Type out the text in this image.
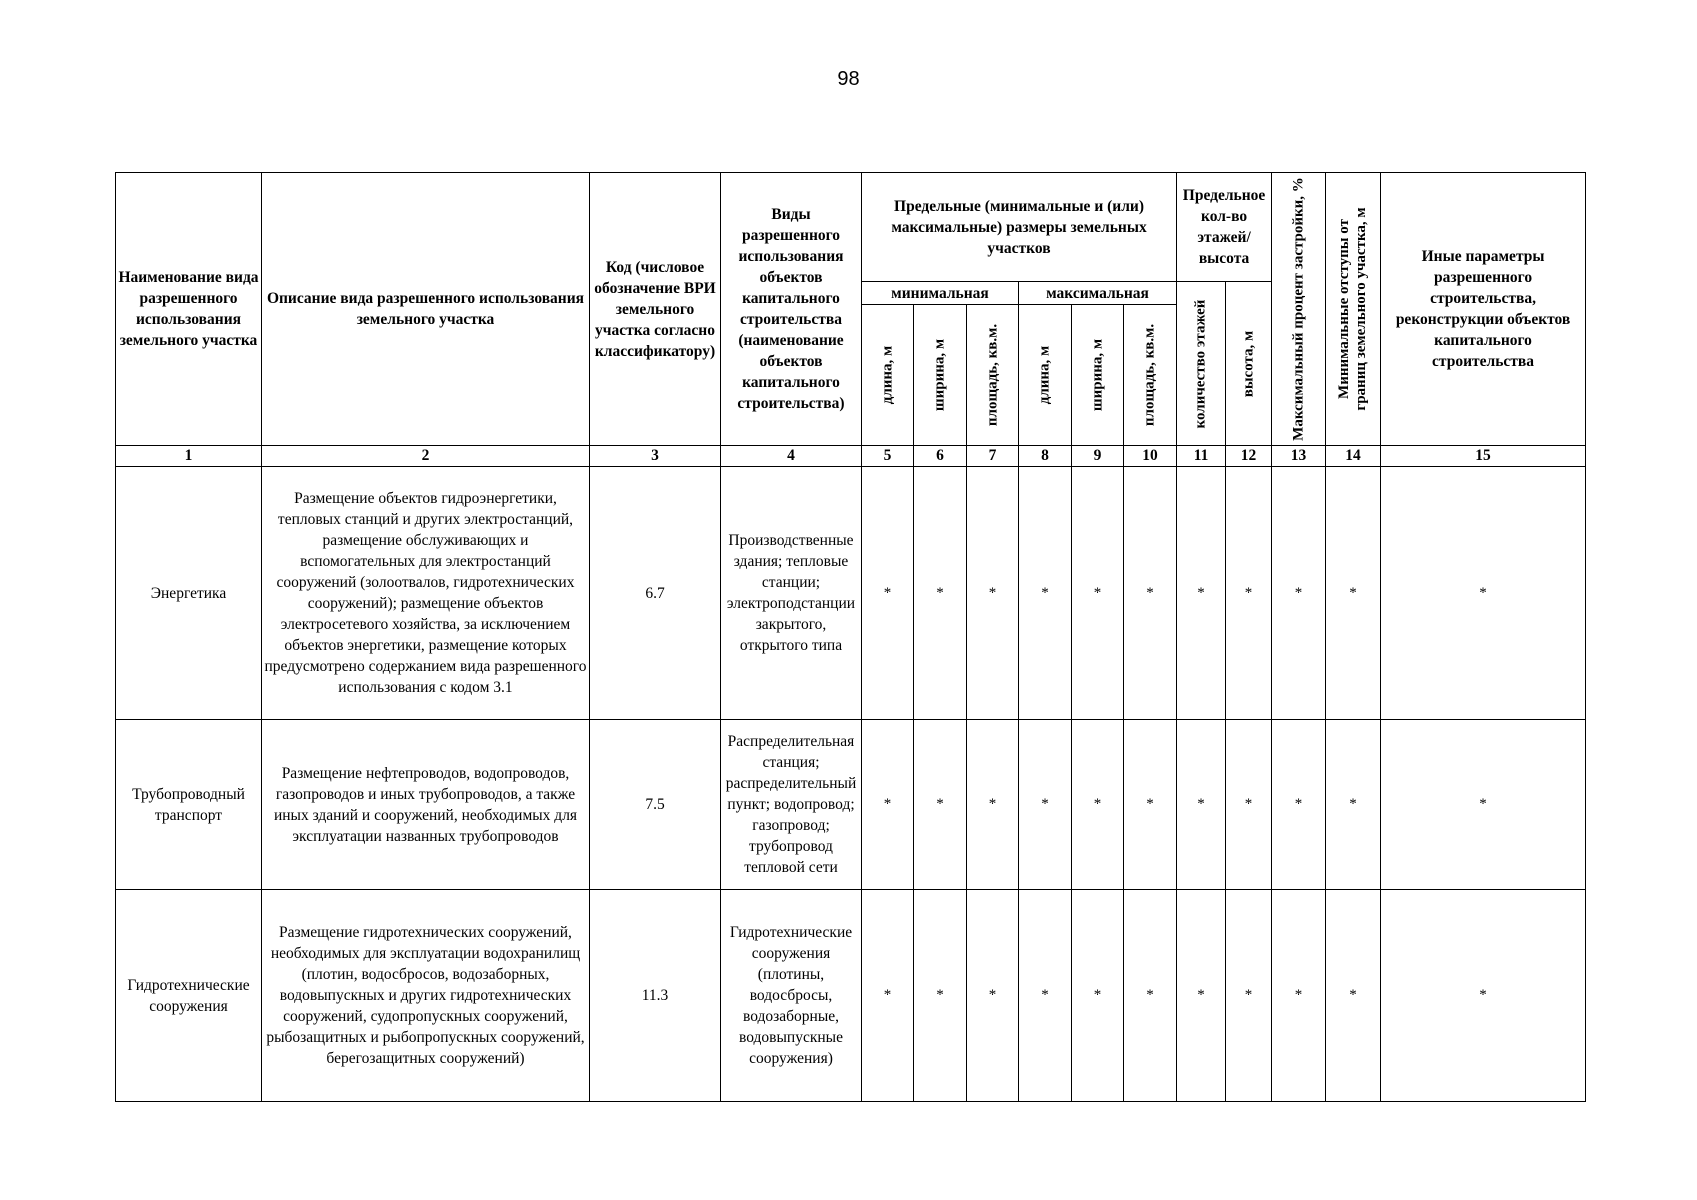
98
Наименование вида разрешенного использования земельного участка	Описание вида разрешенного использования земельного участка	Код (числовое обозначение ВРИ земельного участка согласно классификатору)	Виды разрешенного использования объектов капитального строительства (наименование объектов капитального строительства)	Предельные (минимальные и (или) максимальные) размеры земельных участков						Предельное кол-во этажей/ высота		Максимальный процент застройки, %	Минимальные отступы от границ земельного участка, м	Иные параметры разрешенного строительства, реконструкции объектов капитального строительства
				минимальная			максимальная			количество этажей	высота, м			

				длина, м	ширина, м	площадь, кв.м.	длина, м	ширина, м	площадь, кв.м.					

1	2	3	4	5	6	7	8	9	10	11	12	13	14	15
Энергетика	Размещение объектов гидроэнергетики, тепловых станций и других электростанций, размещение обслуживающих и вспомогательных для электростанций сооружений (золоотвалов, гидротехнических сооружений); размещение объектов электросетевого хозяйства, за исключением объектов энергетики, размещение которых предусмотрено содержанием вида разрешенного использования с кодом 3.1	6.7	Производственные здания; тепловые станции; электроподстанции закрытого, открытого типа	*	*	*	*	*	*	*	*	*	*	*
Трубопроводный транспорт	Размещение нефтепроводов, водопроводов, газопроводов и иных трубопроводов, а также иных зданий и сооружений, необходимых для эксплуатации названных трубопроводов	7.5	Распределительная станция; распределительный пункт; водопровод; газопровод; трубопровод тепловой сети	*	*	*	*	*	*	*	*	*	*	*
Гидротехнические сооружения	Размещение гидротехнических сооружений, необходимых для эксплуатации водохранилищ (плотин, водосбросов, водозаборных, водовыпускных и других гидротехнических сооружений, судопропускных сооружений, рыбозащитных и рыбопропускных сооружений, берегозащитных сооружений)	11.3	Гидротехнические сооружения (плотины, водосбросы, водозаборные, водовыпускные сооружения)	*	*	*	*	*	*	*	*	*	*	*
